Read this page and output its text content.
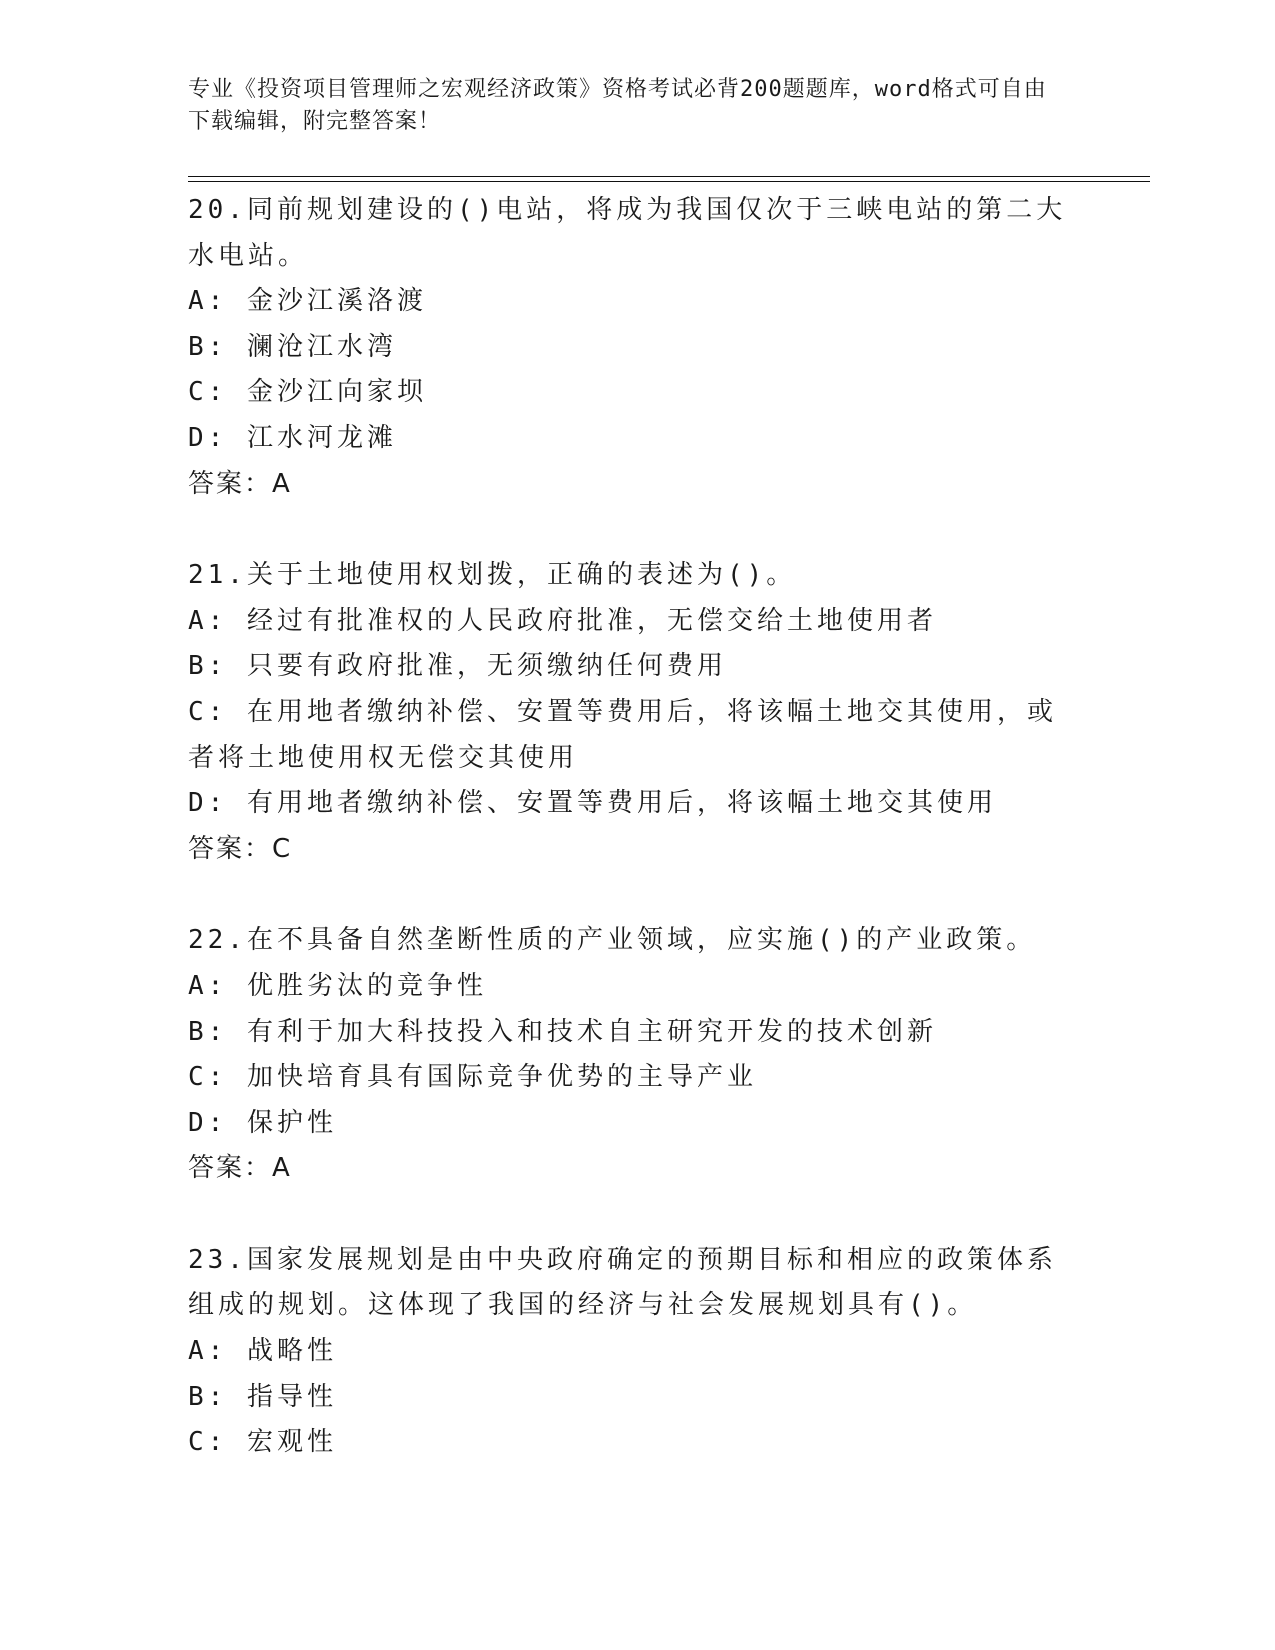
专业《投资项目管理师之宏观经济政策》资格考试必背200题题库，word格式可自由下载编辑，附完整答案！

20.同前规划建设的()电站，将成为我国仅次于三峡电站的第二大水电站。

A: 金沙江溪洛渡

B: 澜沧江水湾

C: 金沙江向家坝

D: 江水河龙滩

答案：A

21.关于土地使用权划拨，正确的表述为()。

A: 经过有批准权的人民政府批准，无偿交给土地使用者

B: 只要有政府批准，无须缴纳任何费用

C: 在用地者缴纳补偿、安置等费用后，将该幅土地交其使用，或者将土地使用权无偿交其使用

D: 有用地者缴纳补偿、安置等费用后，将该幅土地交其使用

答案：C

22.在不具备自然垄断性质的产业领域，应实施()的产业政策。

A: 优胜劣汰的竞争性

B: 有利于加大科技投入和技术自主研究开发的技术创新

C: 加快培育具有国际竞争优势的主导产业

D: 保护性

答案：A

23.国家发展规划是由中央政府确定的预期目标和相应的政策体系组成的规划。这体现了我国的经济与社会发展规划具有()。

A: 战略性

B: 指导性

C: 宏观性
